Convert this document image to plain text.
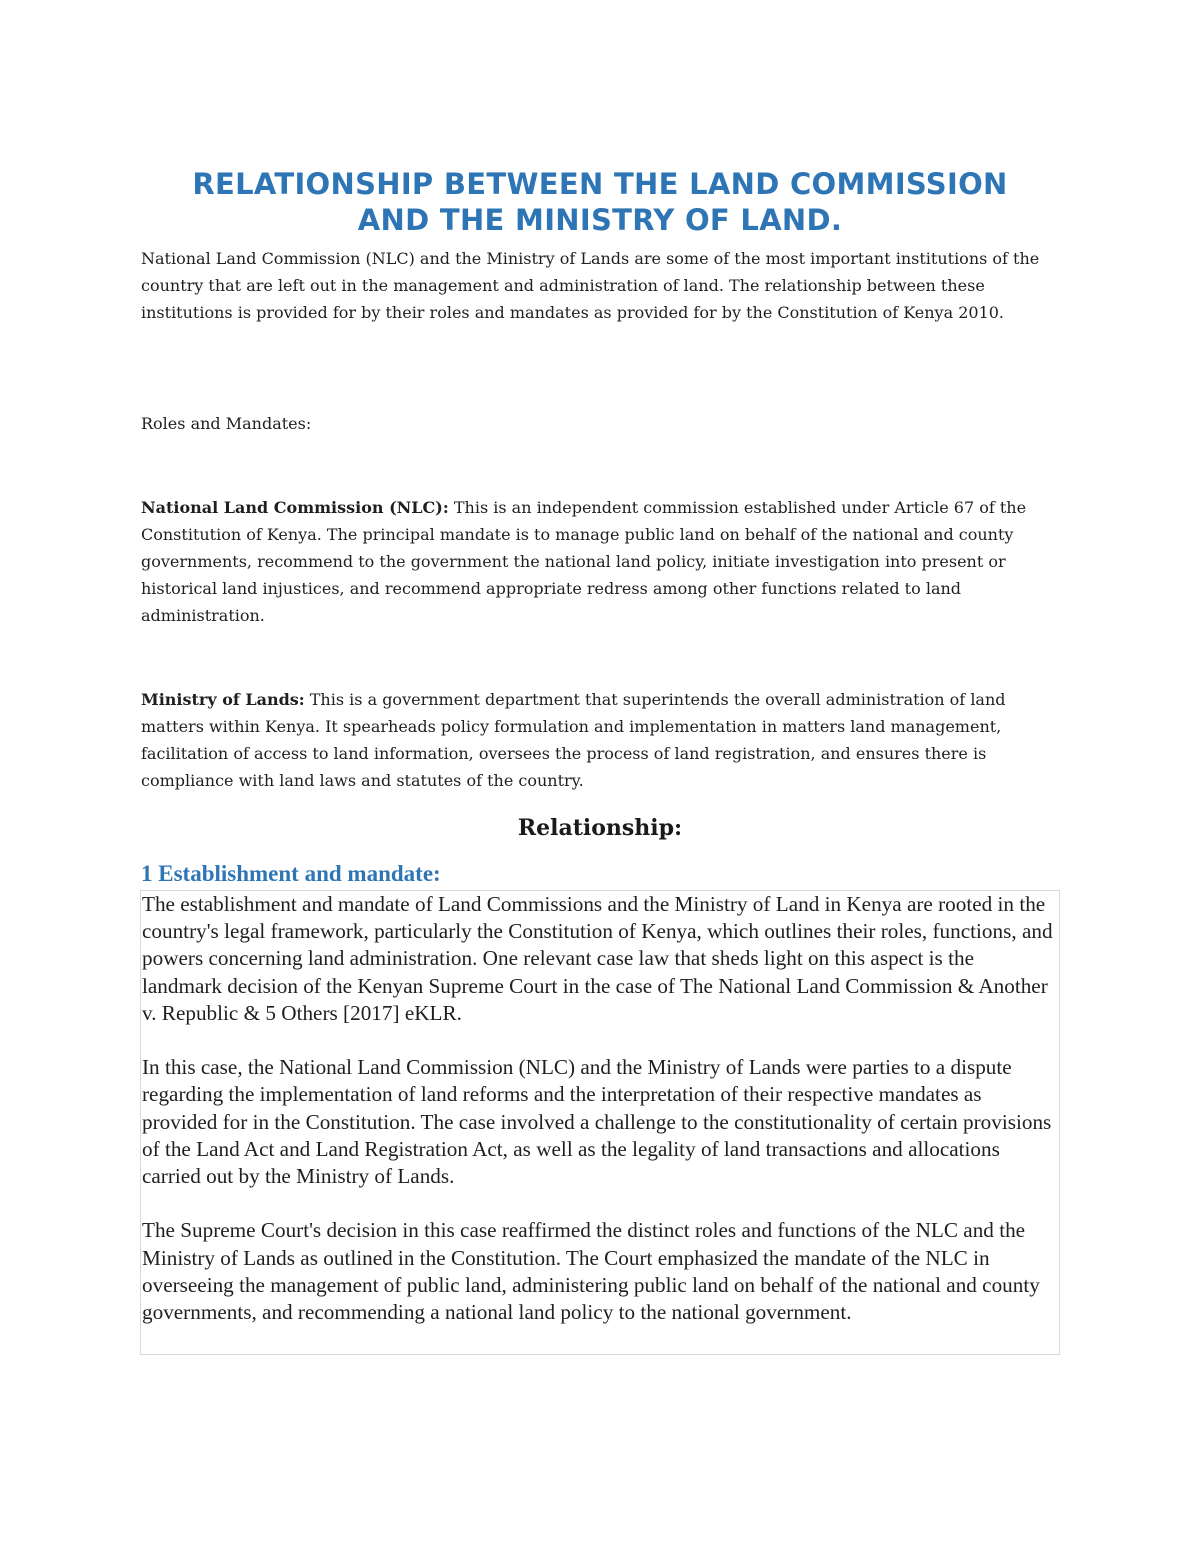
RELATIONSHIP BETWEEN THE LAND COMMISSION
AND THE MINISTRY OF LAND.

National Land Commission (NLC) and the Ministry of Lands are some of the most important institutions of the country that are left out in the management and administration of land. The relationship between these institutions is provided for by their roles and mandates as provided for by the Constitution of Kenya 2010.

Roles and Mandates:

National Land Commission (NLC): This is an independent commission established under Article 67 of the Constitution of Kenya. The principal mandate is to manage public land on behalf of the national and county governments, recommend to the government the national land policy, initiate investigation into present or historical land injustices, and recommend appropriate redress among other functions related to land administration.

Ministry of Lands: This is a government department that superintends the overall administration of land matters within Kenya. It spearheads policy formulation and implementation in matters land management, facilitation of access to land information, oversees the process of land registration, and ensures there is compliance with land laws and statutes of the country.

Relationship:
1 Establishment and mandate:

The establishment and mandate of Land Commissions and the Ministry of Land in Kenya are rooted in the country's legal framework, particularly the Constitution of Kenya, which outlines their roles, functions, and powers concerning land administration. One relevant case law that sheds light on this aspect is the landmark decision of the Kenyan Supreme Court in the case of The National Land Commission & Another v. Republic & 5 Others [2017] eKLR.

In this case, the National Land Commission (NLC) and the Ministry of Lands were parties to a dispute regarding the implementation of land reforms and the interpretation of their respective mandates as provided for in the Constitution. The case involved a challenge to the constitutionality of certain provisions of the Land Act and Land Registration Act, as well as the legality of land transactions and allocations carried out by the Ministry of Lands.

The Supreme Court's decision in this case reaffirmed the distinct roles and functions of the NLC and the Ministry of Lands as outlined in the Constitution. The Court emphasized the mandate of the NLC in overseeing the management of public land, administering public land on behalf of the national and county governments, and recommending a national land policy to the national government.
